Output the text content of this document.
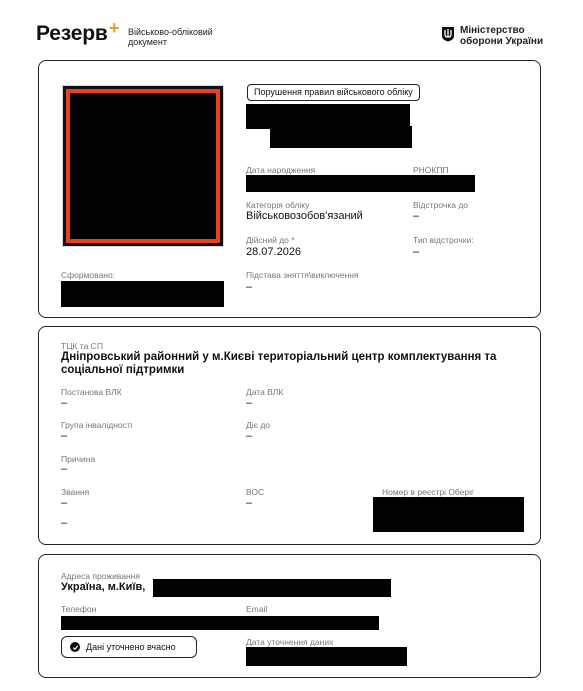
Резерв + Військово-обліковий документ
Міністерство оборони України
Порушення правил військового обліку
Дата народження	РНОКПП
Категорія обліку
Військовозобов'язаний
Відстрочка до
–
Дійсний до *
28.07.2026
Тип відстрочки:
–
Сформовано:	Підстава зняття\виключення
–
ТЦК та СП
Дніпровський районний у м.Києві територіальний центр комплектування та соціальної підтримки
Постанова ВЛК
–
Дата ВЛК
–
Група інвалідності
–
Діє до
–
Причина
–
Звання
–
–
ВОС
–
Номер в реєстрі Оберіг
Адреса проживання
Україна, м.Київ,
Телефон	Email
Дані уточнено вчасно	Дата уточнення даних
